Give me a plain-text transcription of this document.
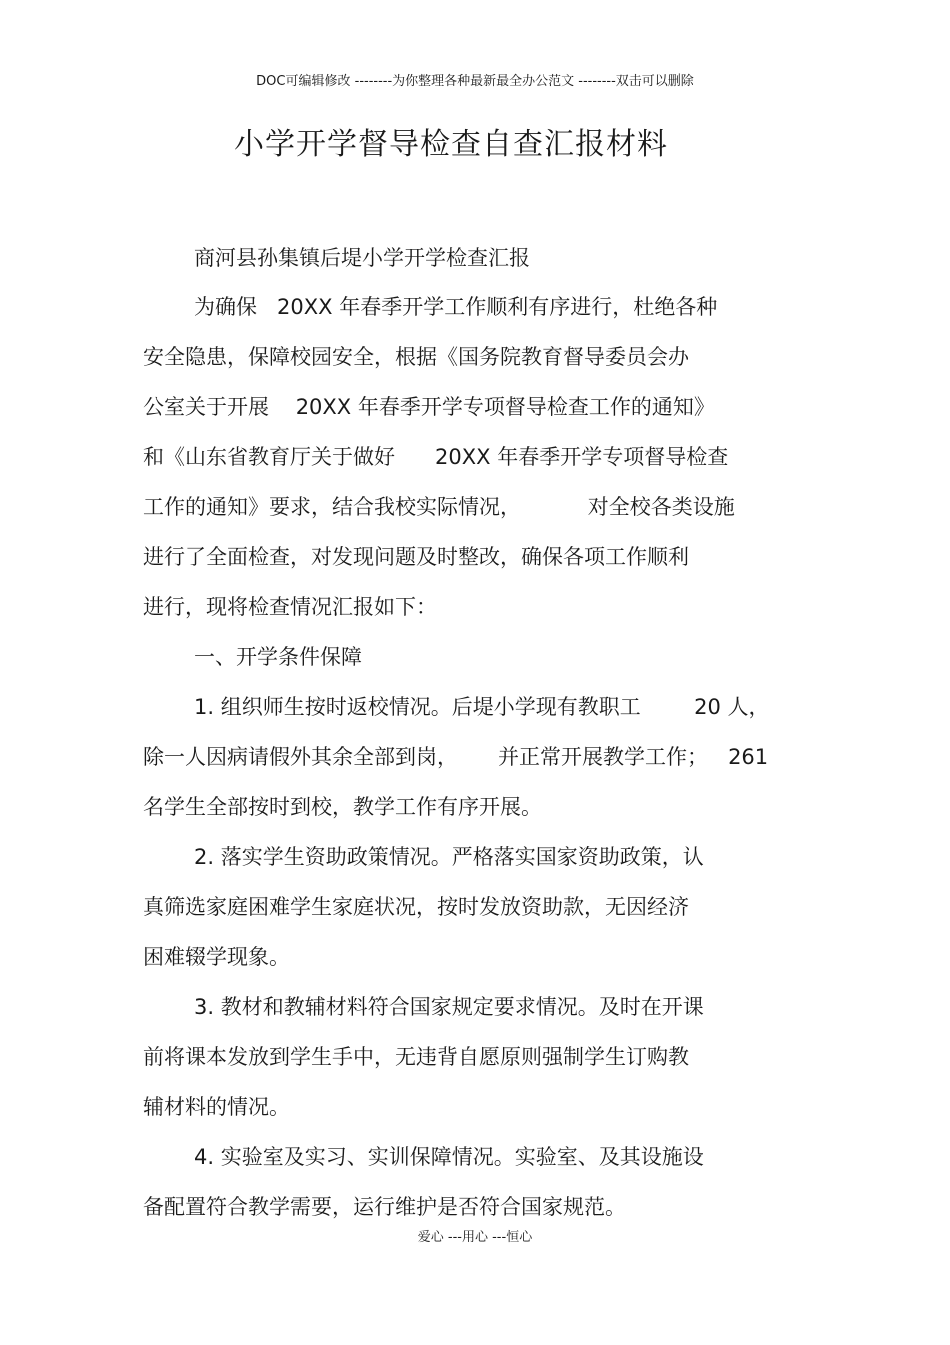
DOC可编辑修改 --------为你整理各种最新最全办公范文 --------双击可以删除
小学开学督导检查自查汇报材料
商河县孙集镇后堤小学开学检查汇报
为确保   20XX 年春季开学工作顺利有序进行，杜绝各种
安全隐患，保障校园安全，根据《国务院教育督导委员会办
公室关于开展    20XX 年春季开学专项督导检查工作的通知》
和《山东省教育厅关于做好      20XX 年春季开学专项督导检查
工作的通知》要求，结合我校实际情况，          对全校各类设施
进行了全面检查，对发现问题及时整改，确保各项工作顺利
进行，现将检查情况汇报如下：
一、开学条件保障
1. 组织师生按时返校情况。后堤小学现有教职工        20 人，
除一人因病请假外其余全部到岗，      并正常开展教学工作；   261
名学生全部按时到校，教学工作有序开展。
2. 落实学生资助政策情况。严格落实国家资助政策，认
真筛选家庭困难学生家庭状况，按时发放资助款，无因经济
困难辍学现象。
3. 教材和教辅材料符合国家规定要求情况。及时在开课
前将课本发放到学生手中，无违背自愿原则强制学生订购教
辅材料的情况。
4. 实验室及实习、实训保障情况。实验室、及其设施设
备配置符合教学需要，运行维护是否符合国家规范。
爱心 ---用心 ---恒心
